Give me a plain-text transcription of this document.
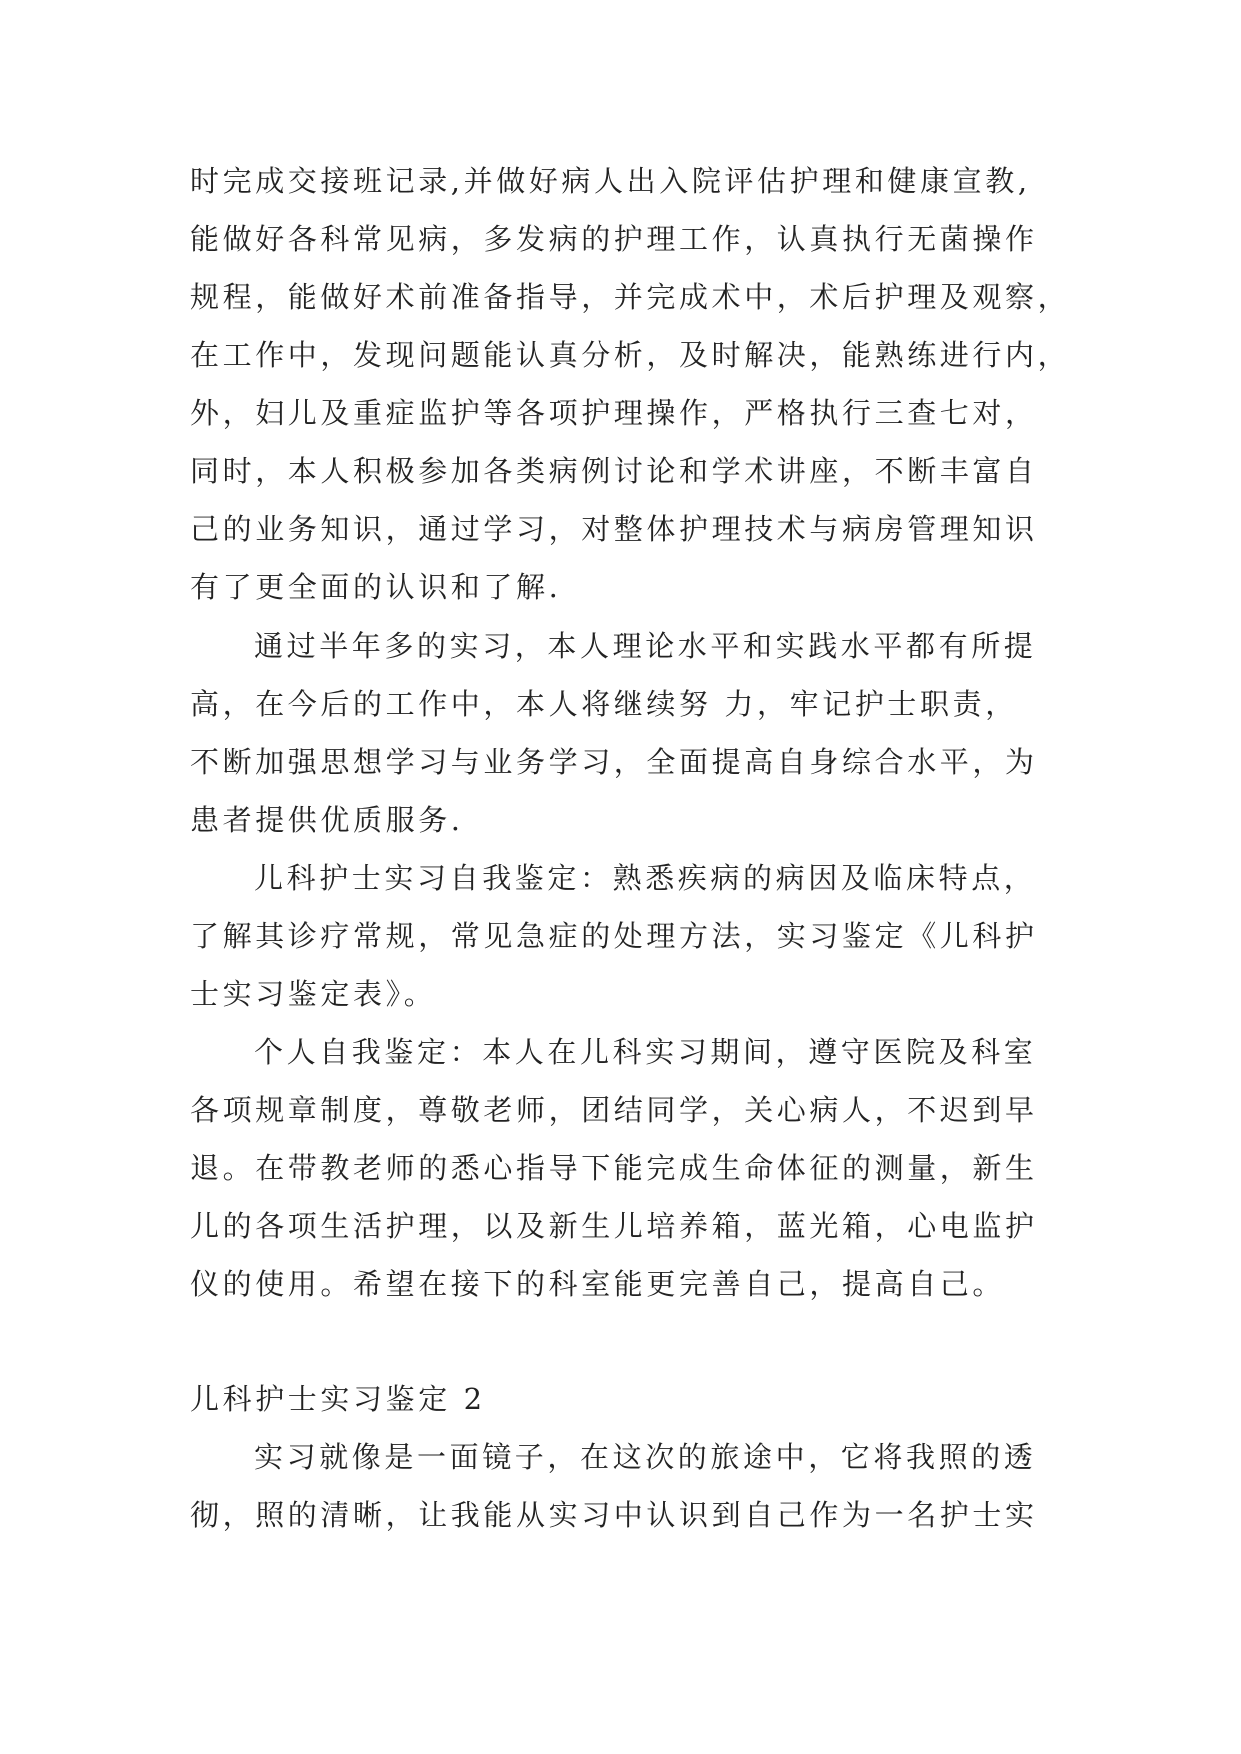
时完成交接班记录,并做好病人出入院评估护理和健康宣教,
能做好各科常见病，多发病的护理工作，认真执行无菌操作
规程，能做好术前准备指导，并完成术中，术后护理及观察，
在工作中，发现问题能认真分析，及时解决，能熟练进行内，
外，妇儿及重症监护等各项护理操作，严格执行三查七对，
同时，本人积极参加各类病例讨论和学术讲座，不断丰富自
己的业务知识，通过学习，对整体护理技术与病房管理知识
有了更全面的认识和了解.
通过半年多的实习，本人理论水平和实践水平都有所提
高，在今后的工作中，本人将继续努 力，牢记护士职责，
不断加强思想学习与业务学习，全面提高自身综合水平，为
患者提供优质服务.
儿科护士实习自我鉴定：熟悉疾病的病因及临床特点，
了解其诊疗常规，常见急症的处理方法，实习鉴定《儿科护
士实习鉴定表》。
个人自我鉴定：本人在儿科实习期间，遵守医院及科室
各项规章制度，尊敬老师，团结同学，关心病人，不迟到早
退。在带教老师的悉心指导下能完成生命体征的测量，新生
儿的各项生活护理，以及新生儿培养箱，蓝光箱，心电监护
仪的使用。希望在接下的科室能更完善自己，提高自己。
儿科护士实习鉴定 2
实习就像是一面镜子，在这次的旅途中，它将我照的透
彻，照的清晰，让我能从实习中认识到自己作为一名护士实
